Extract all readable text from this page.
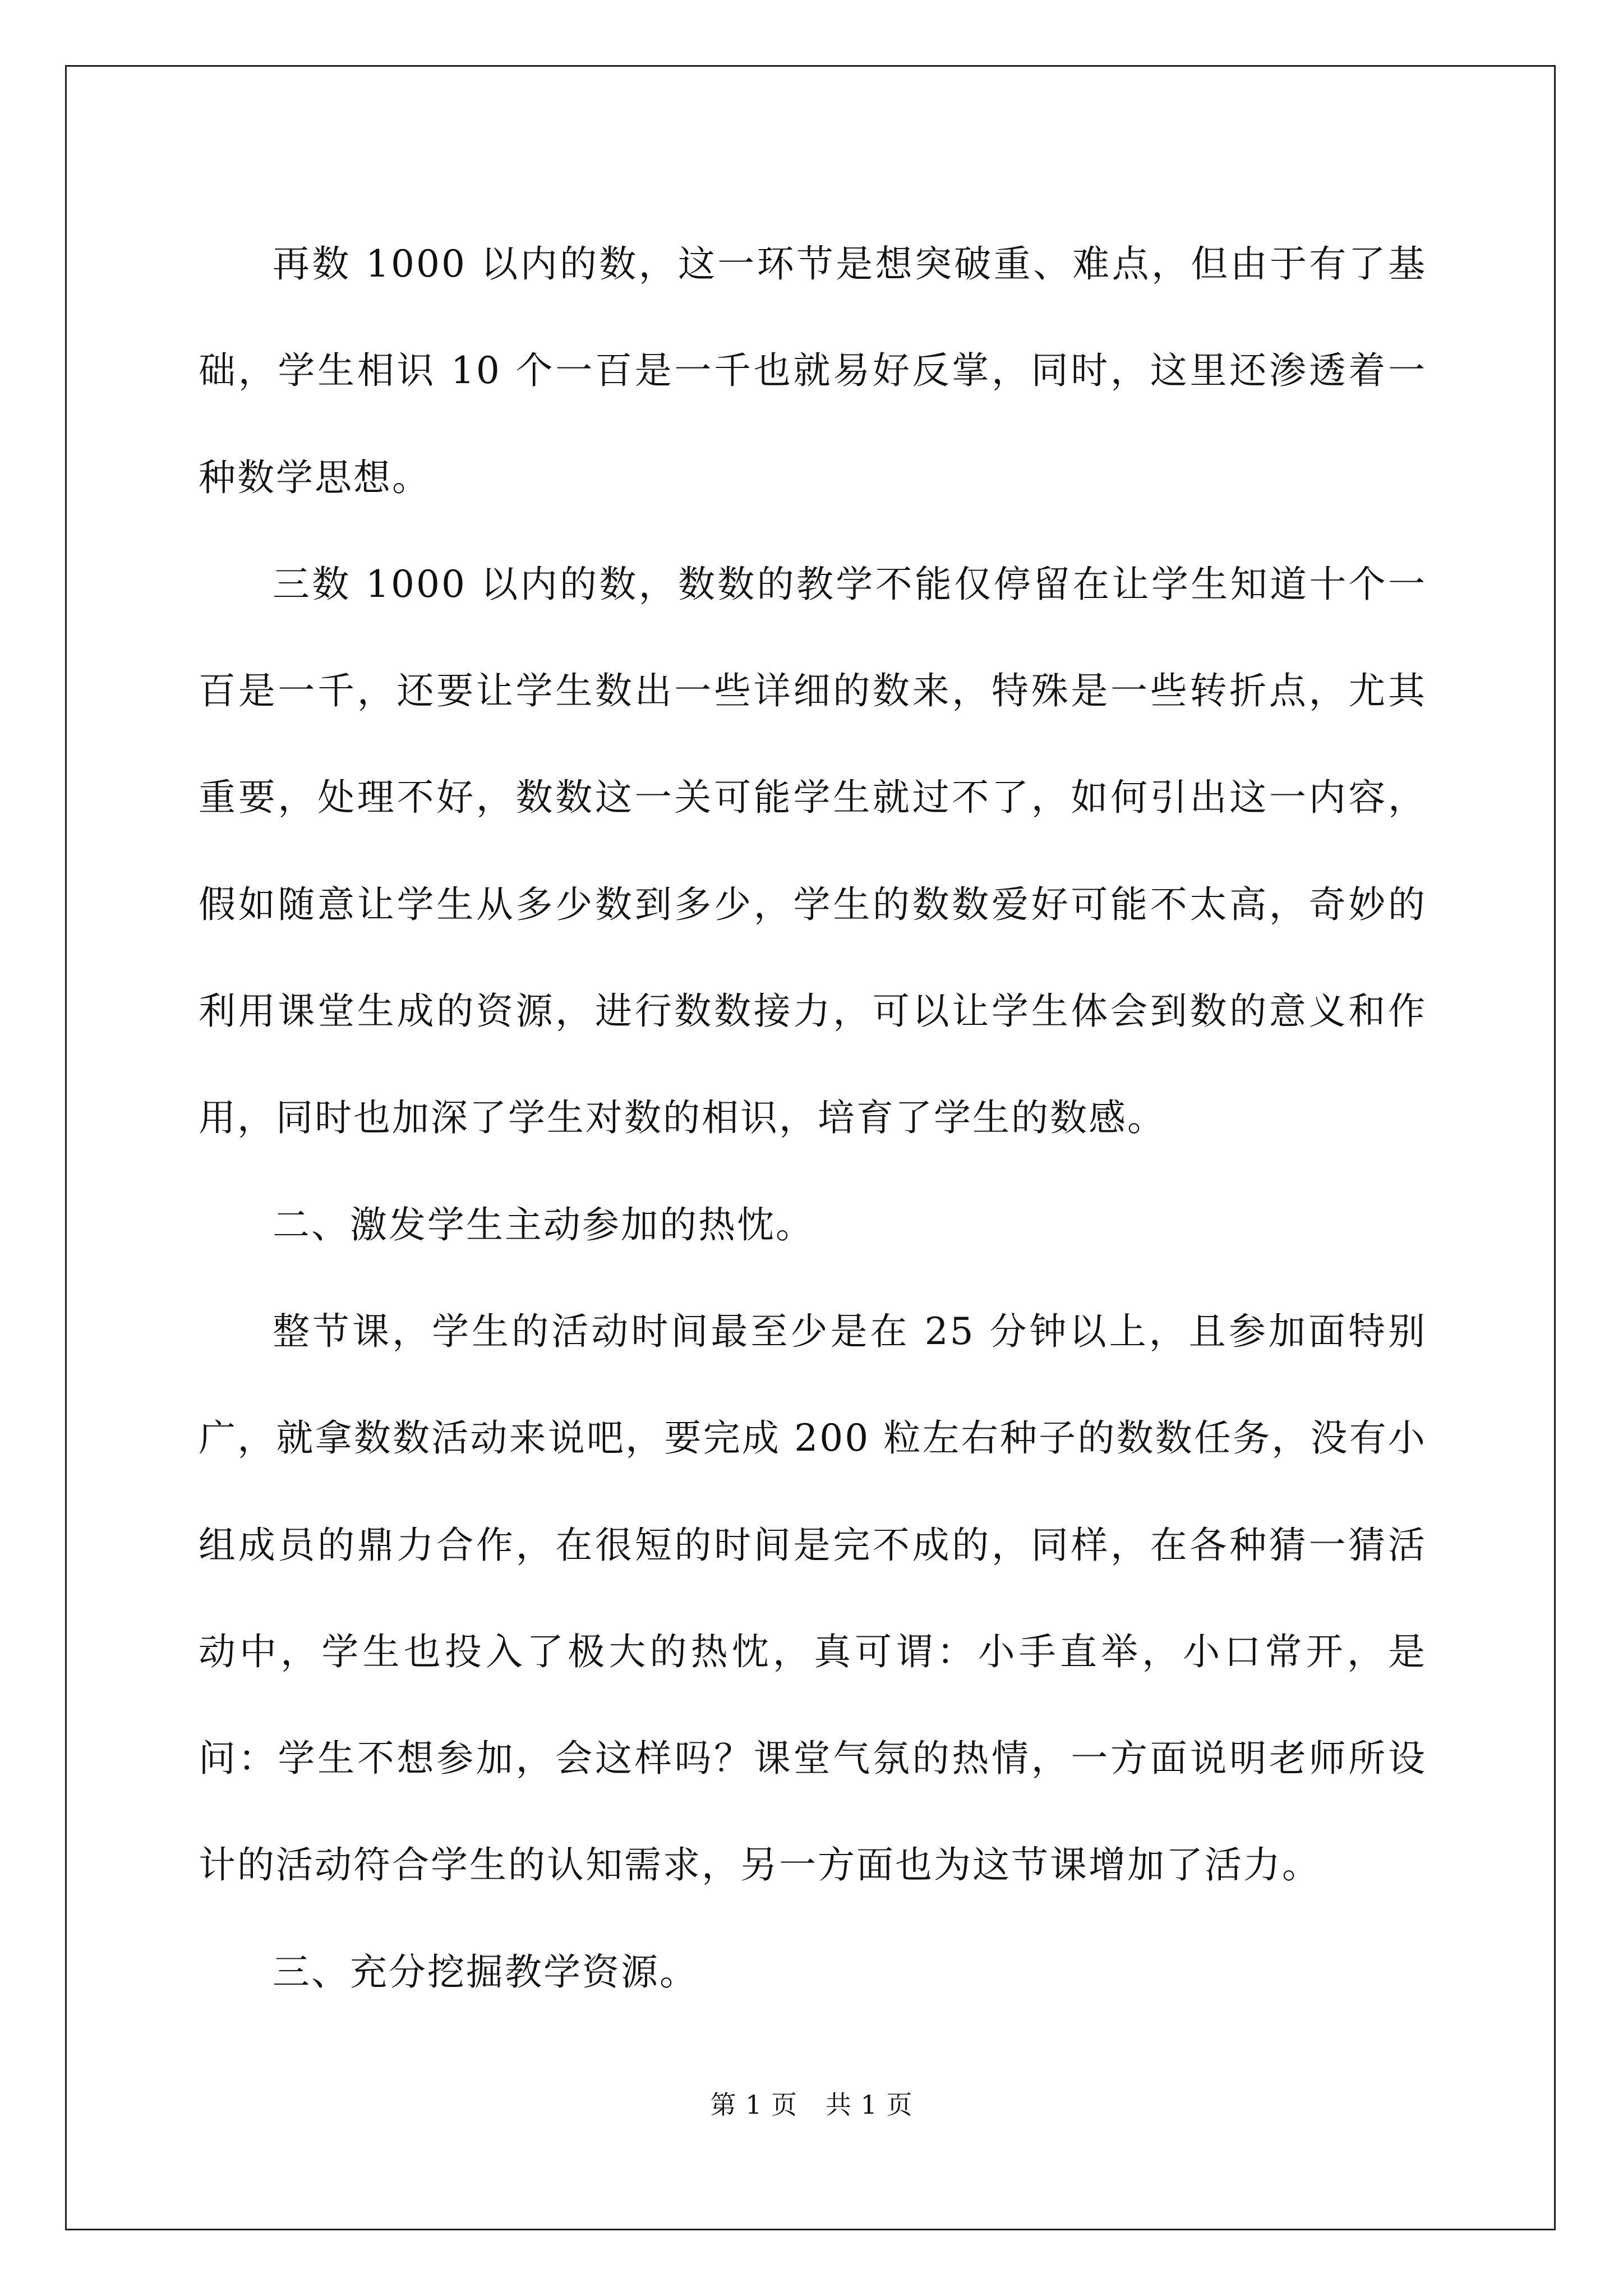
再数 1000 以内的数，这一环节是想突破重、难点，但由于有了基础，学生相识 10 个一百是一千也就易好反掌，同时，这里还渗透着一种数学思想。

三数 1000 以内的数，数数的教学不能仅停留在让学生知道十个一百是一千，还要让学生数出一些详细的数来，特殊是一些转折点，尤其重要，处理不好，数数这一关可能学生就过不了，如何引出这一内容，假如随意让学生从多少数到多少，学生的数数爱好可能不太高，奇妙的利用课堂生成的资源，进行数数接力，可以让学生体会到数的意义和作用，同时也加深了学生对数的相识，培育了学生的数感。

二、激发学生主动参加的热忱。

整节课，学生的活动时间最至少是在 25 分钟以上，且参加面特别广，就拿数数活动来说吧，要完成 200 粒左右种子的数数任务，没有小组成员的鼎力合作，在很短的时间是完不成的，同样，在各种猜一猜活动中，学生也投入了极大的热忱，真可谓：小手直举，小口常开，是问：学生不想参加，会这样吗？课堂气氛的热情，一方面说明老师所设计的活动符合学生的认知需求，另一方面也为这节课增加了活力。

三、充分挖掘教学资源。

第 1 页 共 1 页
